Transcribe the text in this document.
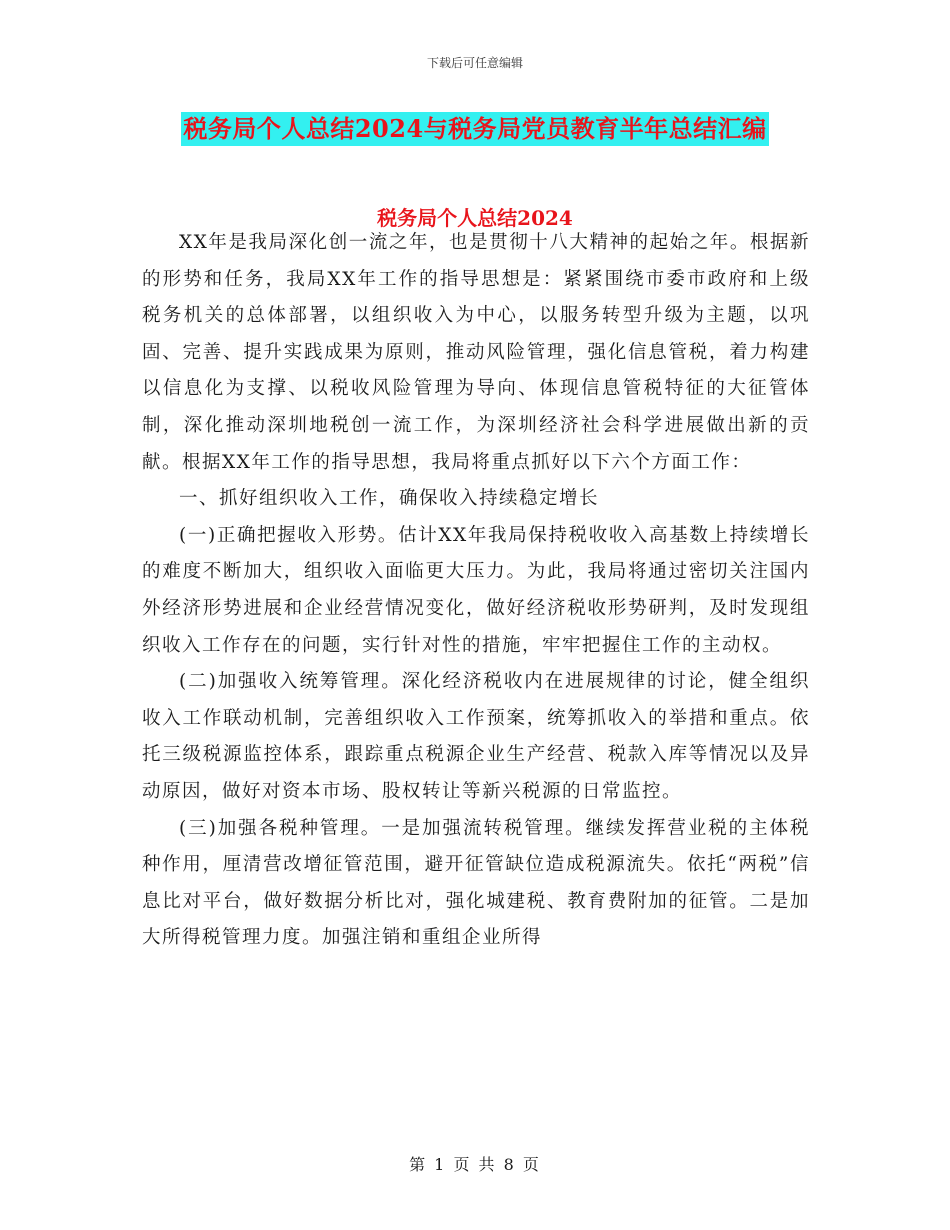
下载后可任意编辑
税务局个人总结2024与税务局党员教育半年总结汇编
税务局个人总结2024

XX年是我局深化创一流之年，也是贯彻十八大精神的起始之年。根据新的形势和任务，我局XX年工作的指导思想是：紧紧围绕市委市政府和上级税务机关的总体部署，以组织收入为中心，以服务转型升级为主题，以巩固、完善、提升实践成果为原则，推动风险管理，强化信息管税，着力构建以信息化为支撑、以税收风险管理为导向、体现信息管税特征的大征管体制，深化推动深圳地税创一流工作，为深圳经济社会科学进展做出新的贡献。根据XX年工作的指导思想，我局将重点抓好以下六个方面工作：

一、抓好组织收入工作，确保收入持续稳定增长

(一)正确把握收入形势。估计XX年我局保持税收收入高基数上持续增长的难度不断加大，组织收入面临更大压力。为此，我局将通过密切关注国内外经济形势进展和企业经营情况变化，做好经济税收形势研判，及时发现组织收入工作存在的问题，实行针对性的措施，牢牢把握住工作的主动权。

(二)加强收入统筹管理。深化经济税收内在进展规律的讨论，健全组织收入工作联动机制，完善组织收入工作预案，统筹抓收入的举措和重点。依托三级税源监控体系，跟踪重点税源企业生产经营、税款入库等情况以及异动原因，做好对资本市场、股权转让等新兴税源的日常监控。

(三)加强各税种管理。一是加强流转税管理。继续发挥营业税的主体税种作用，厘清营改增征管范围，避开征管缺位造成税源流失。依托“两税”信息比对平台，做好数据分析比对，强化城建税、教育费附加的征管。二是加大所得税管理力度。加强注销和重组企业所得

第 1 页 共 8 页
